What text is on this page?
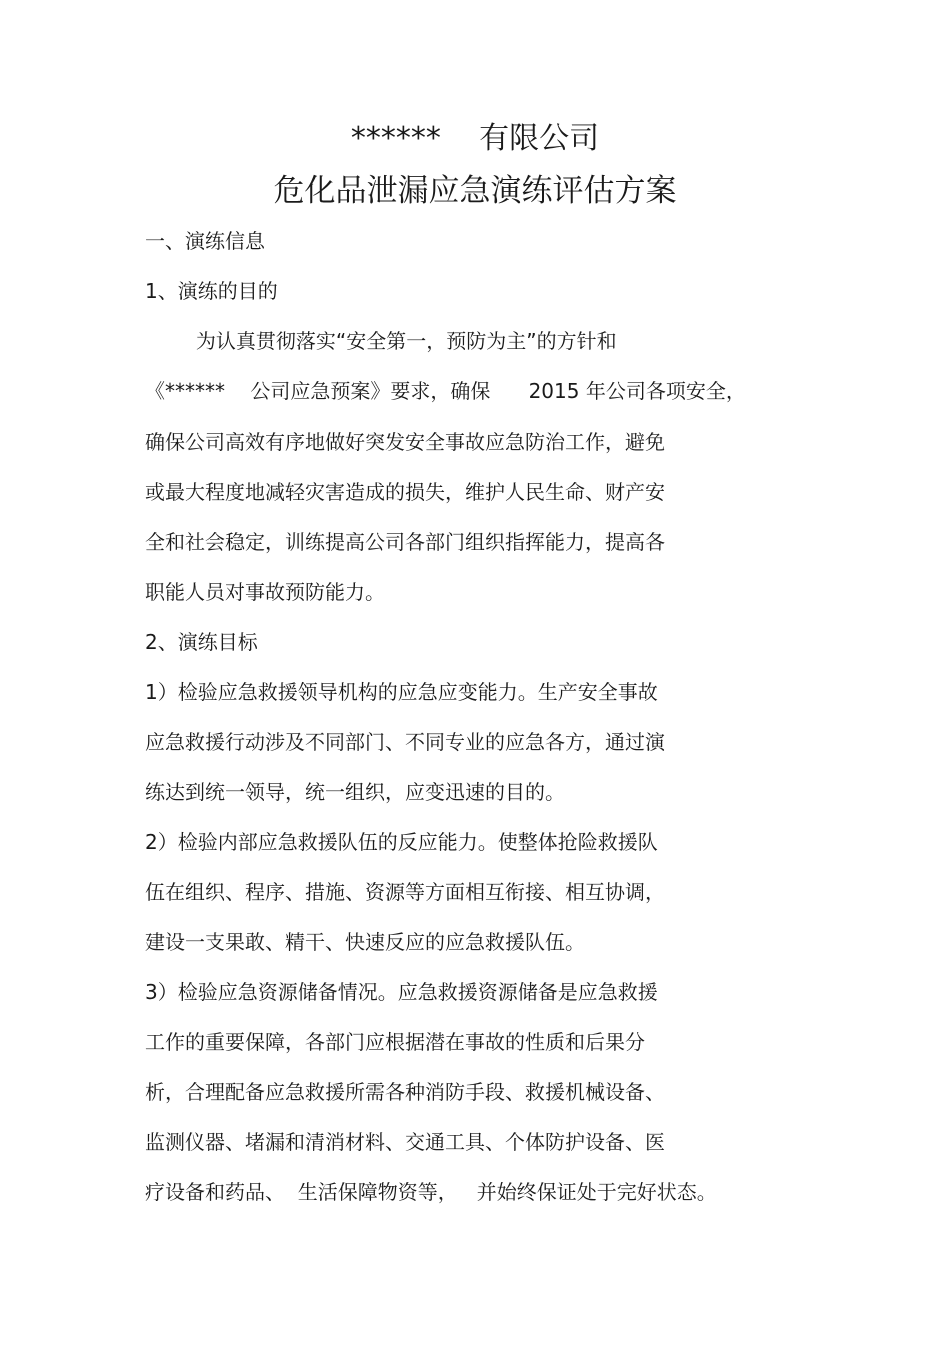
******    有限公司
危化品泄漏应急演练评估方案
一、演练信息
1、演练的目的
为认真贯彻落实“安全第一，预防为主”的方针和
《******    公司应急预案》要求，确保      2015 年公司各项安全，
确保公司高效有序地做好突发安全事故应急防治工作，避免
或最大程度地减轻灾害造成的损失，维护人民生命、财产安
全和社会稳定，训练提高公司各部门组织指挥能力，提高各
职能人员对事故预防能力。
2、演练目标
1）检验应急救援领导机构的应急应变能力。生产安全事故
应急救援行动涉及不同部门、不同专业的应急各方，通过演
练达到统一领导，统一组织，应变迅速的目的。
2）检验内部应急救援队伍的反应能力。使整体抢险救援队
伍在组织、程序、措施、资源等方面相互衔接、相互协调，
建设一支果敢、精干、快速反应的应急救援队伍。
3）检验应急资源储备情况。应急救援资源储备是应急救援
工作的重要保障，各部门应根据潜在事故的性质和后果分
析，合理配备应急救援所需各种消防手段、救援机械设备、
监测仪器、堵漏和清消材料、交通工具、个体防护设备、医
疗设备和药品、  生活保障物资等，   并始终保证处于完好状态。
